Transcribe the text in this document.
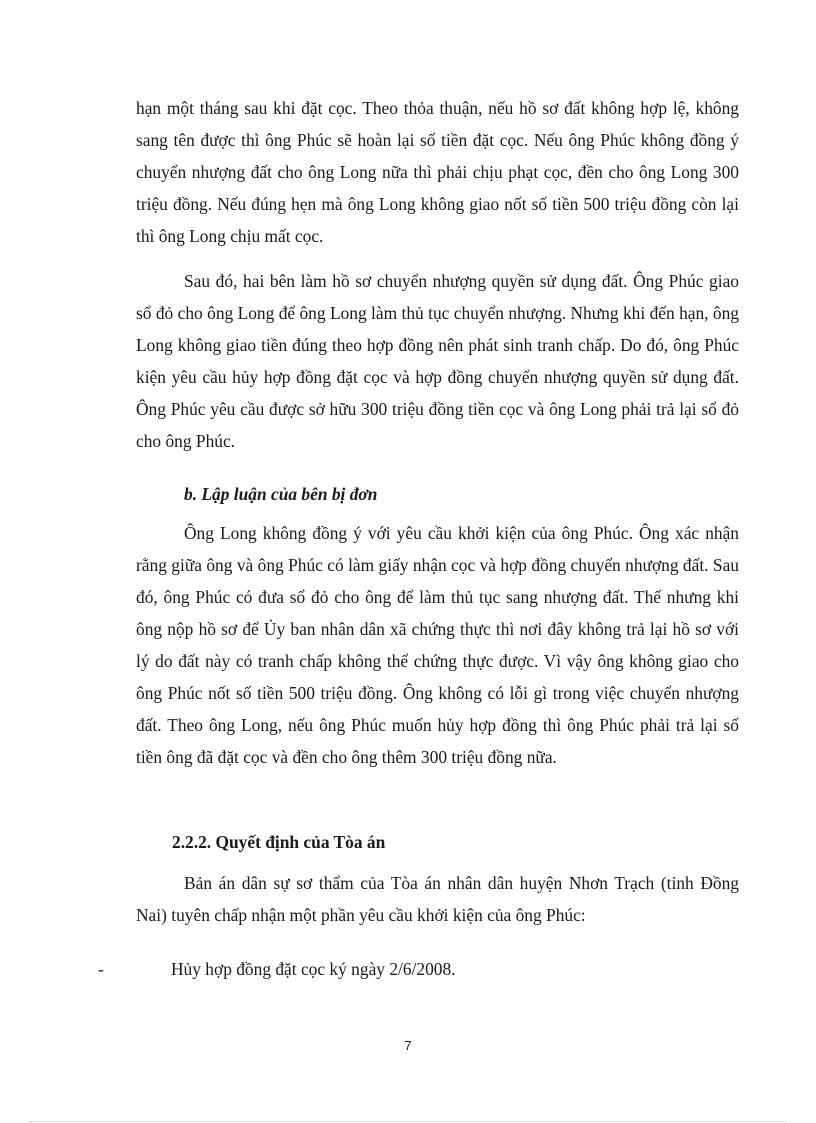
hạn một tháng sau khi đặt cọc. Theo thỏa thuận, nếu hồ sơ đất không hợp lệ, không sang tên được thì ông Phúc sẽ hoàn lại số tiền đặt cọc. Nếu ông Phúc không đồng ý chuyển nhượng đất cho ông Long nữa thì phải chịu phạt cọc, đền cho ông Long 300 triệu đồng. Nếu đúng hẹn mà ông Long không giao nốt số tiền 500 triệu đồng còn lại thì ông Long chịu mất cọc.

Sau đó, hai bên làm hồ sơ chuyển nhượng quyền sử dụng đất. Ông Phúc giao sổ đỏ cho ông Long để ông Long làm thủ tục chuyển nhượng. Nhưng khi đến hạn, ông Long không giao tiền đúng theo hợp đồng nên phát sinh tranh chấp. Do đó, ông Phúc kiện yêu cầu hủy hợp đồng đặt cọc và hợp đồng chuyển nhượng quyền sử dụng đất. Ông Phúc yêu cầu được sở hữu 300 triệu đồng tiền cọc và ông Long phải trả lại sổ đỏ cho ông Phúc.

b. Lập luận của bên bị đơn

Ông Long không đồng ý với yêu cầu khởi kiện của ông Phúc. Ông xác nhận rằng giữa ông và ông Phúc có làm giấy nhận cọc và hợp đồng chuyển nhượng đất. Sau đó, ông Phúc có đưa sổ đỏ cho ông để làm thủ tục sang nhượng đất. Thế nhưng khi ông nộp hồ sơ để Ủy ban nhân dân xã chứng thực thì nơi đây không trả lại hồ sơ với lý do đất này có tranh chấp không thể chứng thực được. Vì vậy ông không giao cho ông Phúc nốt số tiền 500 triệu đồng. Ông không có lỗi gì trong việc chuyển nhượng đất. Theo ông Long, nếu ông Phúc muốn hủy hợp đồng thì ông Phúc phải trả lại số tiền ông đã đặt cọc và đền cho ông thêm 300 triệu đồng nữa.

2.2.2. Quyết định của Tòa án

Bản án dân sự sơ thẩm của Tòa án nhân dân huyện Nhơn Trạch (tỉnh Đồng Nai) tuyên chấp nhận một phần yêu cầu khởi kiện của ông Phúc:

-	Hủy hợp đồng đặt cọc ký ngày 2/6/2008.
7
